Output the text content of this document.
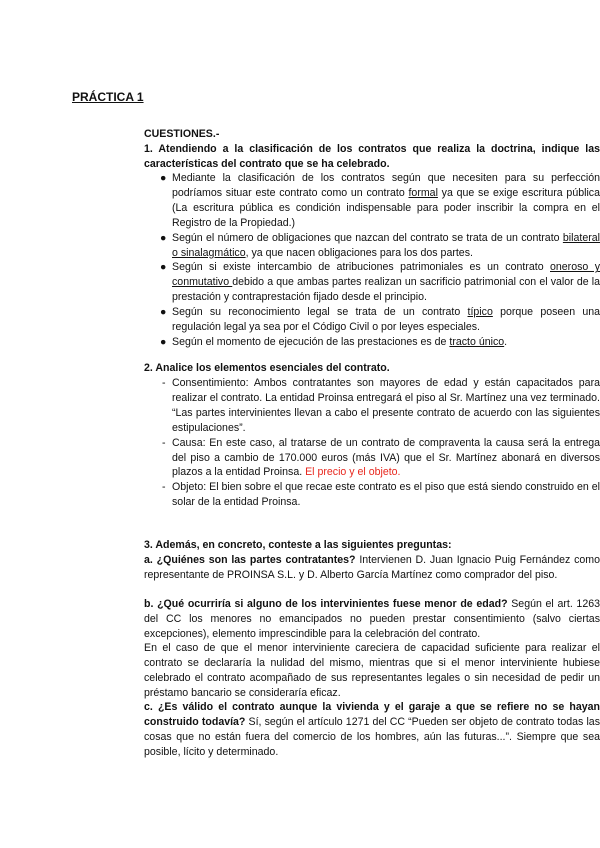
PRÁCTICA 1
CUESTIONES.-
1. Atendiendo a la clasificación de los contratos que realiza la doctrina, indique las características del contrato que se ha celebrado.
● Mediante la clasificación de los contratos según que necesiten para su perfección podríamos situar este contrato como un contrato formal ya que se exige escritura pública (La escritura pública es condición indispensable para poder inscribir la compra en el Registro de la Propiedad.)
● Según el número de obligaciones que nazcan del contrato se trata de un contrato bilateral o sinalagmático, ya que nacen obligaciones para los dos partes.
● Según si existe intercambio de atribuciones patrimoniales es un contrato oneroso y conmutativo debido a que ambas partes realizan un sacrificio patrimonial con el valor de la prestación y contraprestación fijado desde el principio.
● Según su reconocimiento legal se trata de un contrato típico porque poseen una regulación legal ya sea por el Código Civil o por leyes especiales.
● Según el momento de ejecución de las prestaciones es de tracto único.
2. Analice los elementos esenciales del contrato.
- Consentimiento: Ambos contratantes son mayores de edad y están capacitados para realizar el contrato. La entidad Proinsa entregará el piso al Sr. Martínez una vez terminado. “Las partes intervinientes llevan a cabo el presente contrato de acuerdo con las siguientes estipulaciones”.
- Causa: En este caso, al tratarse de un contrato de compraventa la causa será la entrega del piso a cambio de 170.000 euros (más IVA) que el Sr. Martínez abonará en diversos plazos a la entidad Proinsa. El precio y el objeto.
- Objeto: El bien sobre el que recae este contrato es el piso que está siendo construido en el solar de la entidad Proinsa.
3. Además, en concreto, conteste a las siguientes preguntas:
a. ¿Quiénes son las partes contratantes? Intervienen D. Juan Ignacio Puig Fernández como representante de PROINSA S.L. y D. Alberto García Martínez como comprador del piso.
b. ¿Qué ocurriría si alguno de los intervinientes fuese menor de edad? Según el art. 1263 del CC los menores no emancipados no pueden prestar consentimiento (salvo ciertas excepciones), elemento imprescindible para la celebración del contrato.
En el caso de que el menor interviniente careciera de capacidad suficiente para realizar el contrato se declararía la nulidad del mismo, mientras que si el menor interviniente hubiese celebrado el contrato acompañado de sus representantes legales o sin necesidad de pedir un préstamo bancario se consideraría eficaz.
c. ¿Es válido el contrato aunque la vivienda y el garaje a que se refiere no se hayan construido todavía? Sí, según el artículo 1271 del CC “Pueden ser objeto de contrato todas las cosas que no están fuera del comercio de los hombres, aún las futuras...”. Siempre que sea posible, lícito y determinado.
